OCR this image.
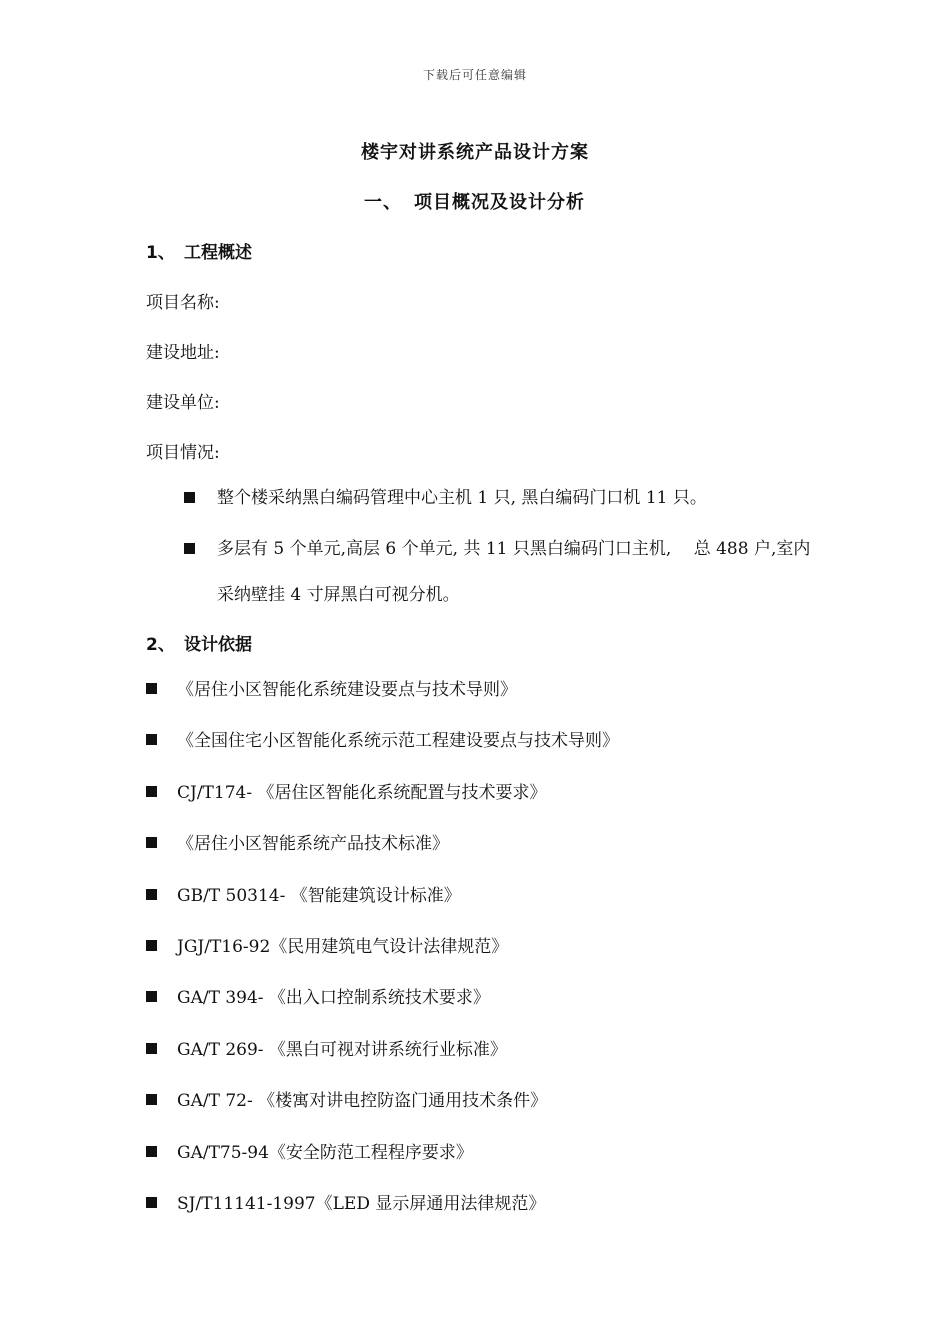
下载后可任意编辑
楼宇对讲系统产品设计方案
一、 项目概况及设计分析
1、 工程概述
项目名称:
建设地址:
建设单位:
项目情况:
整个楼采纳黑白编码管理中心主机 1 只, 黑白编码门口机 11 只。
多层有 5 个单元,高层 6 个单元, 共 11 只黑白编码门口主机,　 总 488 户,室内采纳壁挂 4 寸屏黑白可视分机。
2、 设计依据
《居住小区智能化系统建设要点与技术导则》
《全国住宅小区智能化系统示范工程建设要点与技术导则》
CJ/T174- 《居住区智能化系统配置与技术要求》
《居住小区智能系统产品技术标准》
GB/T 50314- 《智能建筑设计标准》
JGJ/T16-92《民用建筑电气设计法律规范》
GA/T 394- 《出入口控制系统技术要求》
GA/T 269- 《黑白可视对讲系统行业标准》
GA/T 72- 《楼寓对讲电控防盗门通用技术条件》
GA/T75-94《安全防范工程程序要求》
SJ/T11141-1997《LED 显示屏通用法律规范》
